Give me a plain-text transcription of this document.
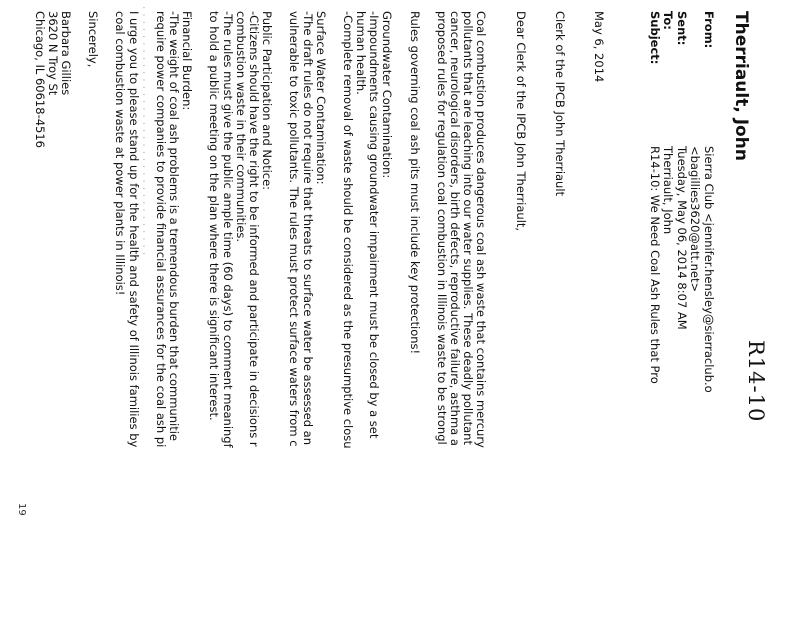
R14-10
Therriault, John
From:
Sierra Club <jennifer.hensley@sierraclub.o
<bagillies3620@att.net>
Sent:
Tuesday, May 06, 2014 8:07 AM
To:
Therriault, John
Subject:
R14-10: We Need Coal Ash Rules that Pro
May 6, 2014
Clerk of the IPCB John Therriault
Dear Clerk of the IPCB John Therriault,
Coal combustion produces dangerous coal ash waste that contains mercury
pollutants that are leaching into our water supplies. These deadly pollutant
cancer, neurological disorders, birth defects, reproductive failure, asthma a
proposed rules for regulation coal combustion in Illinois waste to be strongl
Rules governing coal ash pits must include key protections!
Groundwater Contamination:
-Impoundments causing groundwater impairment must be closed by a set
human health.
-Complete removal of waste should be considered as the presumptive closu
Surface Water Contamination:
-The draft rules do not require that threats to surface water be assessed an
vulnerable to toxic pollutants. The rules must protect surface waters from c
Public Participation and Notice:
-Citizens should have the right to be informed and participate in decisions r
combustion waste in their communities.
-The rules must give the public ample time (60 days) to comment meaningf
to hold a public meeting on the plan where there is significant interest.
Financial Burden:
-The weight of coal ash problems is a tremendous burden that communitie
require power companies to provide financial assurances for the coal ash pi
I urge you to please stand up for the health and safety of Illinois families by
coal combustion waste at power plants in Illinois!
Sincerely,
Barbara Gillies
3620 N Troy St
Chicago, IL 60618-4516
19
· · · · · · · · · · · · · · · · · · · · · · · · · · · · · · · · · · ·
